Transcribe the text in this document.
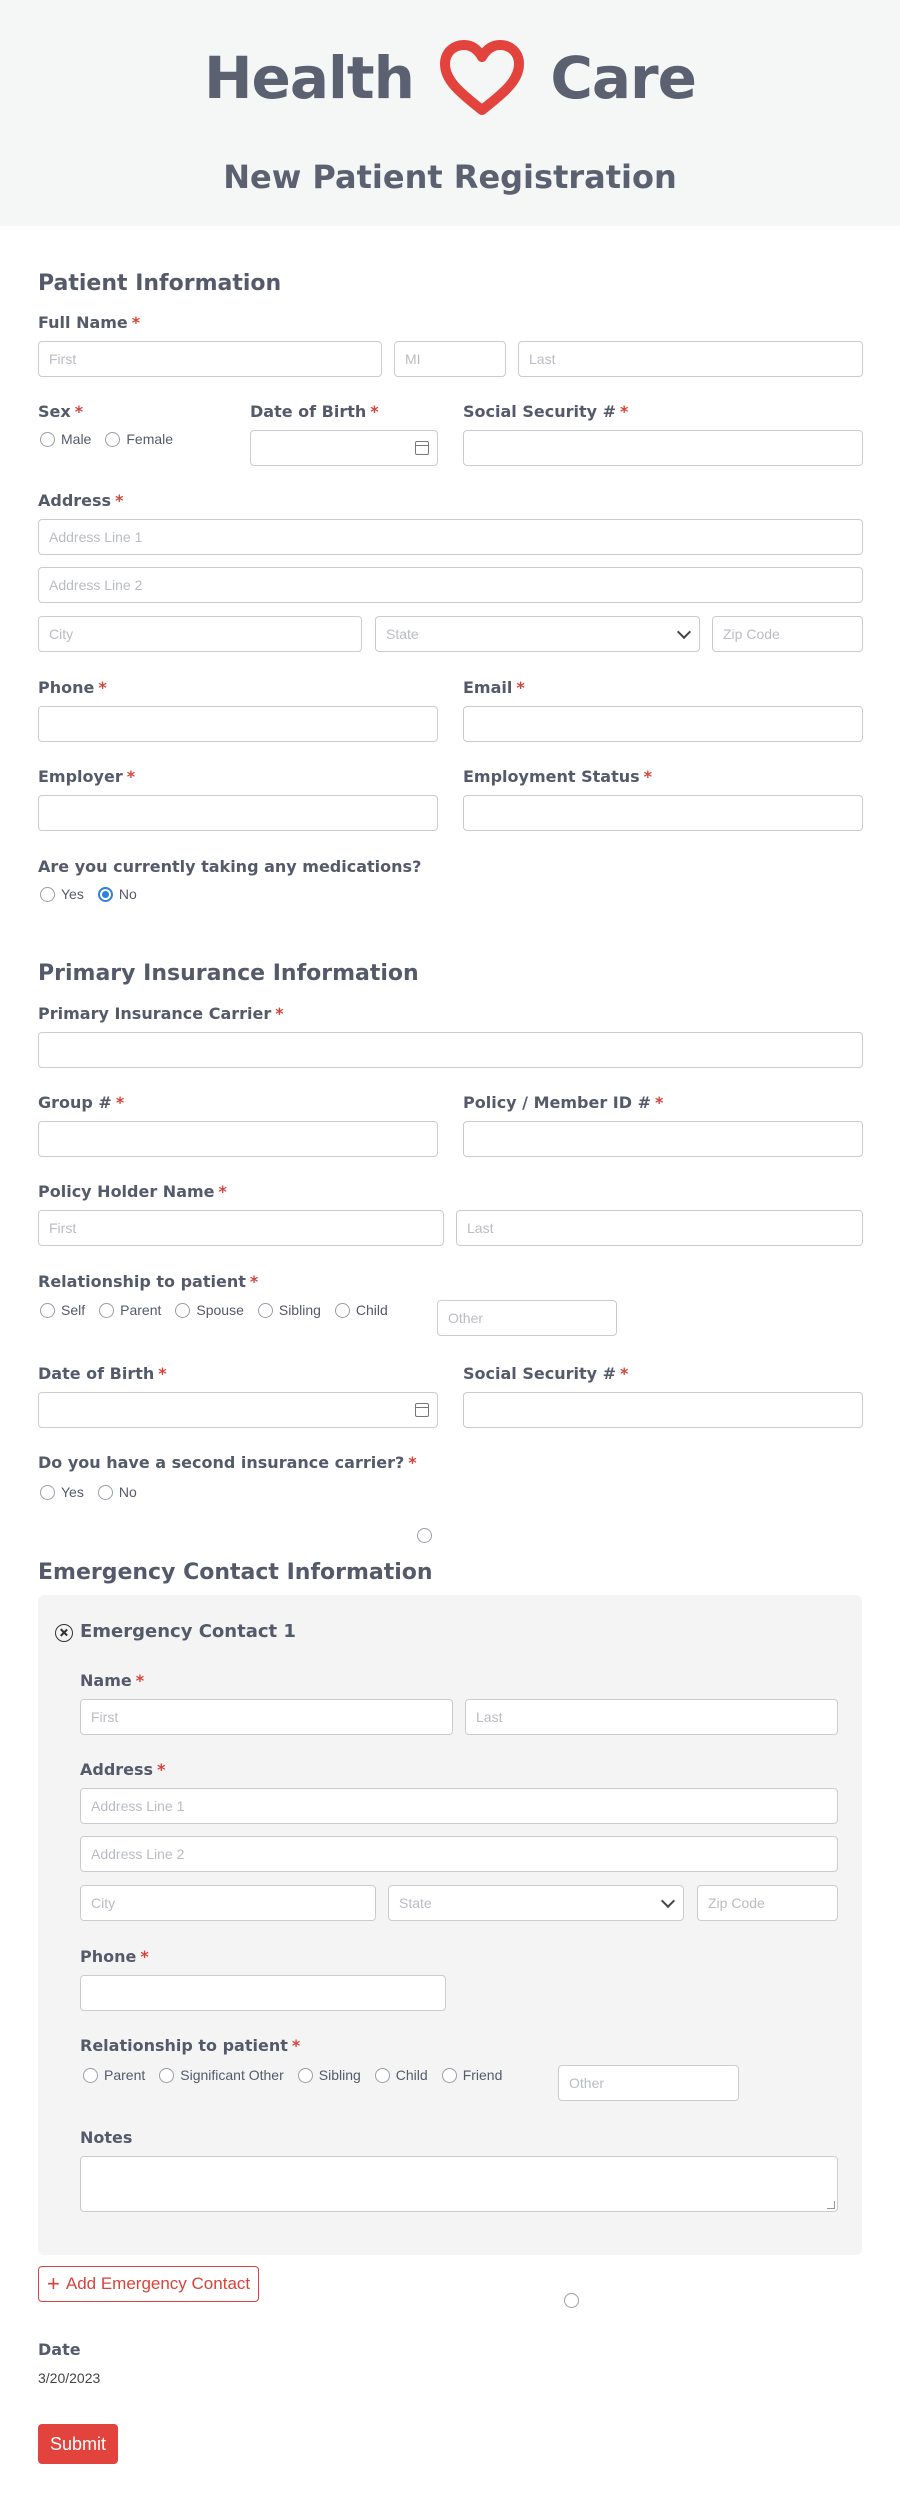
Health Care
New Patient Registration
Patient Information
Full Name *
First	MI	Last
Sex *
Male	Female
Date of Birth *	Social Security # *
Address *
Address Line 1
Address Line 2
City	State	Zip Code
Phone *	Email *
Employer *	Employment Status *
Are you currently taking any medications?
Yes	No
Primary Insurance Information
Primary Insurance Carrier *
Group # *	Policy / Member ID # *
Policy Holder Name *
First	Last
Relationship to patient *
Self	Parent	Spouse	Sibling	Child
	Other
Date of Birth *	Social Security # *
Do you have a second insurance carrier? *
Yes	No
Emergency Contact Information
Emergency Contact 1
Name *
First	Last
Address *
Address Line 1
Address Line 2
City	State	Zip Code
Phone *
Relationship to patient *
Parent	Significant Other	Sibling	Child	Friend	Other
Notes
+ Add Emergency Contact
Date
3/20/2023
Submit
